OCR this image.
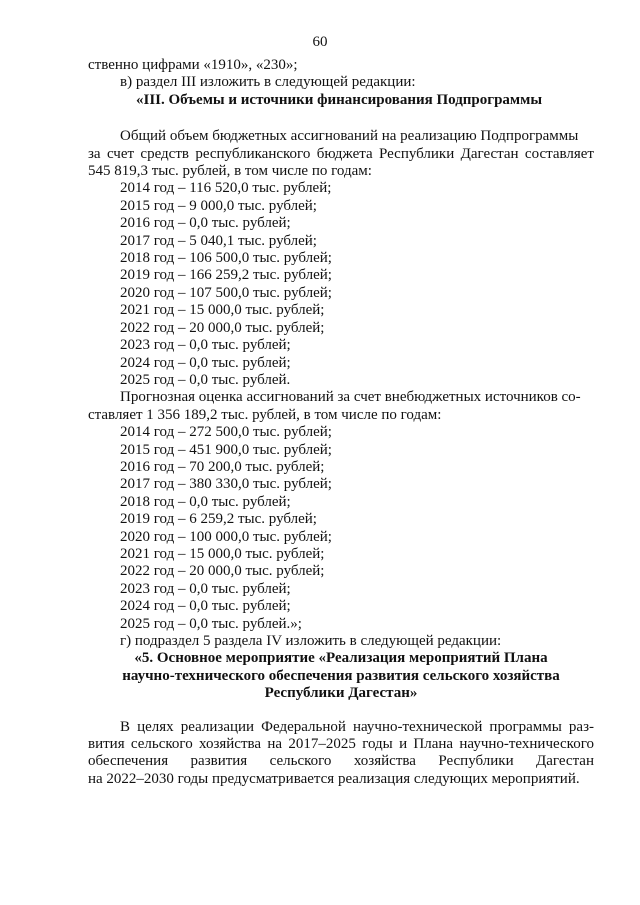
60
ственно цифрами «1910», «230»;
в) раздел III изложить в следующей редакции:
«III. Объемы и источники финансирования Подпрограммы
Общий объем бюджетных ассигнований на реализацию Подпрограммы
за счет средств республиканского бюджета Республики Дагестан составляет
545 819,3 тыс. рублей, в том числе по годам:
2014 год – 116 520,0 тыс. рублей;
2015 год – 9 000,0 тыс. рублей;
2016 год – 0,0 тыс. рублей;
2017 год – 5 040,1 тыс. рублей;
2018 год – 106 500,0 тыс. рублей;
2019 год – 166 259,2 тыс. рублей;
2020 год – 107 500,0 тыс. рублей;
2021 год – 15 000,0 тыс. рублей;
2022 год – 20 000,0 тыс. рублей;
2023 год – 0,0 тыс. рублей;
2024 год – 0,0 тыс. рублей;
2025 год – 0,0 тыс. рублей.
Прогнозная оценка ассигнований за счет внебюджетных источников со-
ставляет 1 356 189,2 тыс. рублей, в том числе по годам:
2014 год – 272 500,0 тыс. рублей;
2015 год – 451 900,0 тыс. рублей;
2016 год – 70 200,0 тыс. рублей;
2017 год – 380 330,0 тыс. рублей;
2018 год – 0,0 тыс. рублей;
2019 год – 6 259,2 тыс. рублей;
2020 год – 100 000,0 тыс. рублей;
2021 год – 15 000,0 тыс. рублей;
2022 год – 20 000,0 тыс. рублей;
2023 год – 0,0 тыс. рублей;
2024 год – 0,0 тыс. рублей;
2025 год – 0,0 тыс. рублей.»;
г) подраздел 5 раздела IV изложить в следующей редакции:
«5. Основное мероприятие «Реализация мероприятий Плана
научно-технического обеспечения развития сельского хозяйства
Республики Дагестан»
В целях реализации Федеральной научно-технической программы раз-
вития сельского хозяйства на 2017–2025 годы и Плана научно-технического
обеспечения развития сельского хозяйства Республики Дагестан
на 2022–2030 годы предусматривается реализация следующих мероприятий.
